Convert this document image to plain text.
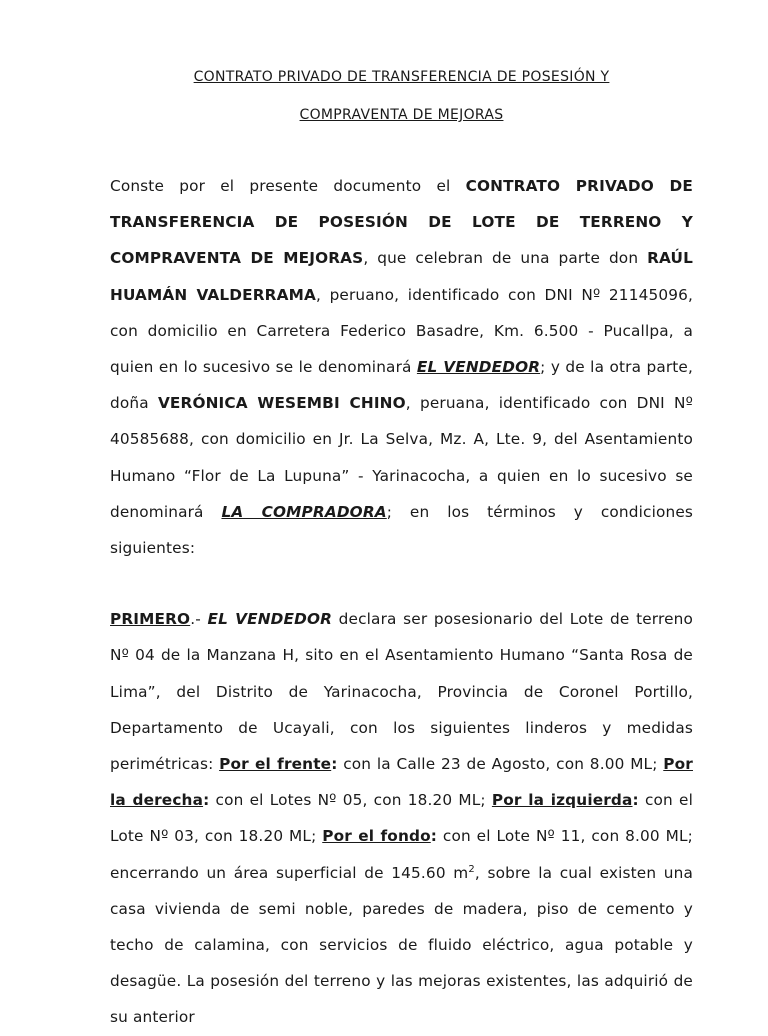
CONTRATO PRIVADO DE TRANSFERENCIA DE POSESIÓN Y

COMPRAVENTA DE MEJORAS

Conste por el presente documento el CONTRATO PRIVADO DE TRANSFERENCIA DE POSESIÓN DE LOTE DE TERRENO Y COMPRAVENTA DE MEJORAS, que celebran de una parte don RAÚL HUAMÁN VALDERRAMA, peruano, identificado con DNI Nº 21145096, con domicilio en Carretera Federico Basadre, Km. 6.500 - Pucallpa, a quien en lo sucesivo se le denominará EL VENDEDOR; y de la otra parte, doña VERÓNICA WESEMBI CHINO, peruana, identificado con DNI Nº 40585688, con domicilio en Jr. La Selva, Mz. A, Lte. 9, del Asentamiento Humano “Flor de La Lupuna” - Yarinacocha, a quien en lo sucesivo se denominará LA COMPRADORA; en los términos y condiciones siguientes:

PRIMERO.- EL VENDEDOR declara ser posesionario del Lote de terreno Nº 04 de la Manzana H, sito en el Asentamiento Humano “Santa Rosa de Lima”, del Distrito de Yarinacocha, Provincia de Coronel Portillo, Departamento de Ucayali, con los siguientes linderos y medidas perimétricas: Por el frente: con la Calle 23 de Agosto, con 8.00 ML; Por la derecha: con el Lotes Nº 05, con 18.20 ML; Por la izquierda: con el Lote Nº 03, con 18.20 ML; Por el fondo: con el Lote Nº 11, con 8.00 ML; encerrando un área superficial de 145.60 $m^2$, sobre la cual existen una casa vivienda de semi noble, paredes de madera, piso de cemento y techo de calamina, con servicios de fluido eléctrico, agua potable y desagüe. La posesión del terreno y las mejoras existentes, las adquirió de su anterior
